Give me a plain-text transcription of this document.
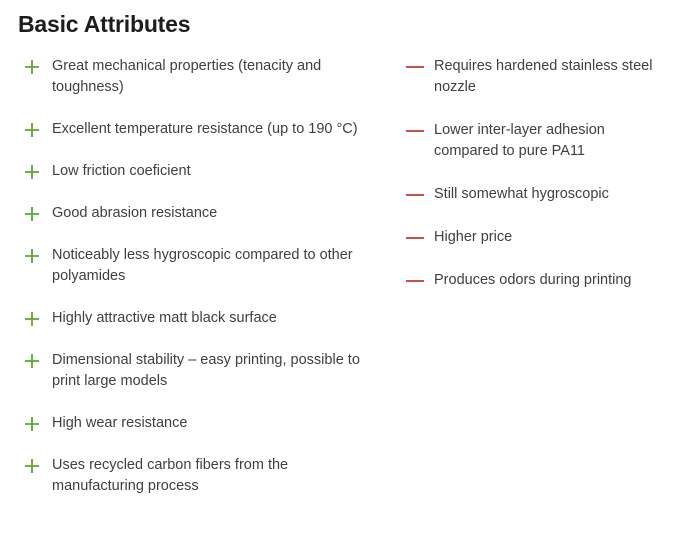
Basic Attributes
Great mechanical properties (tenacity and toughness)
Excellent temperature resistance (up to 190 °C)
Low friction coeficient
Good abrasion resistance
Noticeably less hygroscopic compared to other polyamides
Highly attractive matt black surface
Dimensional stability – easy printing, possible to print large models
High wear resistance
Uses recycled carbon fibers from the manufacturing process
Requires hardened stainless steel nozzle
Lower inter-layer adhesion compared to pure PA11
Still somewhat hygroscopic
Higher price
Produces odors during printing
